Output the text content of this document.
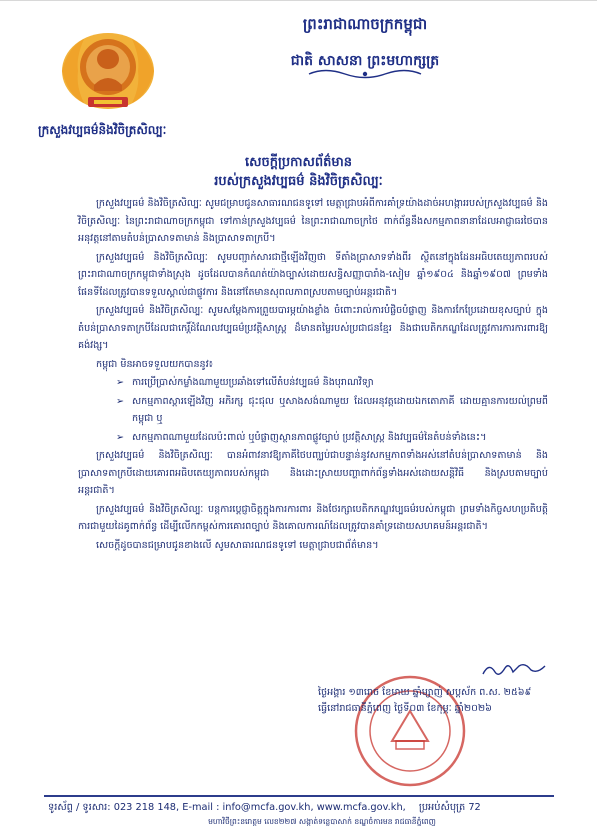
ក្រសួងវប្បធម៌និងវិចិត្រសិល្បៈ
ព្រះរាជាណាចក្រកម្ពុជា
ជាតិ សាសនា ព្រះមហាក្សត្រ
សេចក្តីប្រកាសព័ត៌មាន
របស់ក្រសួងវប្បធម៌ និងវិចិត្រសិល្បៈ

ក្រសួងវប្បធម៌ និងវិចិត្រសិល្បៈ សូមជម្រាបជូនសាធារណជនទូទៅ មេត្តាជ្រាបអំពីការគាំទ្រយ៉ាងដាច់អហង្ការរបស់ក្រសួងវប្បធម៌ និងវិចិត្រសិល្បៈ នៃព្រះរាជាណាចក្រកម្ពុជា ទៅកាន់ក្រសួងវប្បធម៌ នៃព្រះរាជាណាចក្រថៃ ពាក់ព័ន្ធនឹងសកម្មភាពនានាដែលអាជ្ញាធរថៃបានអនុវត្តនៅតាមតំបន់ប្រាសាទតាមាន់ និងប្រាសាទតាក្របី។

ក្រសួងវប្បធម៌ និងវិចិត្រសិល្បៈ សូមបញ្ជាក់សារជាថ្មីឡើងវិញថា ទីតាំងប្រាសាទទាំងពីរ ស្ថិតនៅក្នុងដែនអធិបតេយ្យភាពរបស់ព្រះរាជាណាចក្រកម្ពុជាទាំងស្រុង ដូចដែលបានកំណត់យ៉ាងច្បាស់ដោយសន្ធិសញ្ញាបារាំង-សៀម ឆ្នាំ១៩០៤ និងឆ្នាំ១៩០៧ ព្រមទាំងផែនទីដែលត្រូវបានទទួលស្គាល់ជាផ្លូវការ និងនៅតែមានសុពលភាពស្របតាមច្បាប់អន្តរជាតិ។

ក្រសួងវប្បធម៌ និងវិចិត្រសិល្បៈ សូមសម្តែងការព្រួយបារម្ភយ៉ាងខ្លាំង ចំពោះរាល់ការបំផ្លិចបំផ្លាញ និងការកែប្រែដោយខុសច្បាប់ ក្នុងតំបន់ប្រាសាទតាក្របីដែលជាកេរ្តិ៍ដំណែលវប្បធម៌ប្រវត្តិសាស្ត្រ ដ៏មានតម្លៃរបស់ប្រជាជនខ្មែរ និងជាបេតិកភណ្ឌដែលត្រូវការការការពារឱ្យគង់វង្ស។

កម្ពុជា មិនអាចទទួលយកបាននូវ៖

➢ ការប្រើប្រាស់កម្លាំងណាមួយប្រឆាំងទៅលើតំបន់វប្បធម៌ និងបុរាណវិទ្យា

➢ សកម្មភាពស្តារឡើងវិញ អភិរក្ស ជុះជុល ឬសាងសង់ណាមួយ ដែលអនុវត្តដោយឯកតោភាគី ដោយគ្មានការយល់ព្រមពីកម្ពុជា ឬ

➢ សកម្មភាពណាមួយដែលប៉ះពាល់ ឬបំផ្លាញស្ថានភាពផ្លូវច្បាប់ ប្រវត្តិសាស្ត្រ និងវប្បធម៌នៃតំបន់ទាំងនេះ។

ក្រសួងវប្បធម៌ និងវិចិត្រសិល្បៈ បានអំពាវនាវឱ្យភាគីថៃបញ្ឈប់ជាបន្ទាន់នូវសកម្មភាពទាំងអស់នៅតំបន់ប្រាសាទតាមាន់ និងប្រាសាទតាក្របីដោយគោរពអធិបតេយ្យភាពរបស់កម្ពុជា និងដោះស្រាយបញ្ហាពាក់ព័ន្ធទាំងអស់ដោយសន្តិវិធី និងស្របតាមច្បាប់អន្តរជាតិ។

ក្រសួងវប្បធម៌ និងវិចិត្រសិល្បៈ បន្តការប្តេជ្ញាចិត្តក្នុងការការពារ និងថែរក្សាបេតិកភណ្ឌវប្បធម៌របស់កម្ពុជា ព្រមទាំងកិច្ចសហប្រតិបត្តិការជាមួយដៃគូពាក់ព័ន្ធ ដើម្បីលើកកម្ពស់ការគោរពច្បាប់ និងគោលការណ៍ដែលត្រូវបានគាំទ្រដោយសហគមន៍អន្តរជាតិ។

សេចក្តីដូចបានជម្រាបជូនខាងលើ សូមសាធារណជនទូទៅ មេត្តាជ្រាបជាព័ត៌មាន។

ថ្ងៃអង្គារ ១៣រោច ខែមាឃ ឆ្នាំម្សាញ់ សប្តស័ក ព.ស. ២៥៦៩
ធ្វើនៅរាជធានីភ្នំពេញ ថ្ងៃទី០៣ ខែកុម្ភៈ ឆ្នាំ២០២៦
ទូរស័ព្ទ / ទូរសារ: 023 218 148, E-mail : info@mcfa.gov.kh, www.mcfa.gov.kh, ប្រអប់សំបុត្រ 72
មហាវិថីព្រះនរោត្តម លេខ២២៧ សង្កាត់ទន្លេបាសាក់ ខណ្ឌចំការមន រាជធានីភ្នំពេញ
